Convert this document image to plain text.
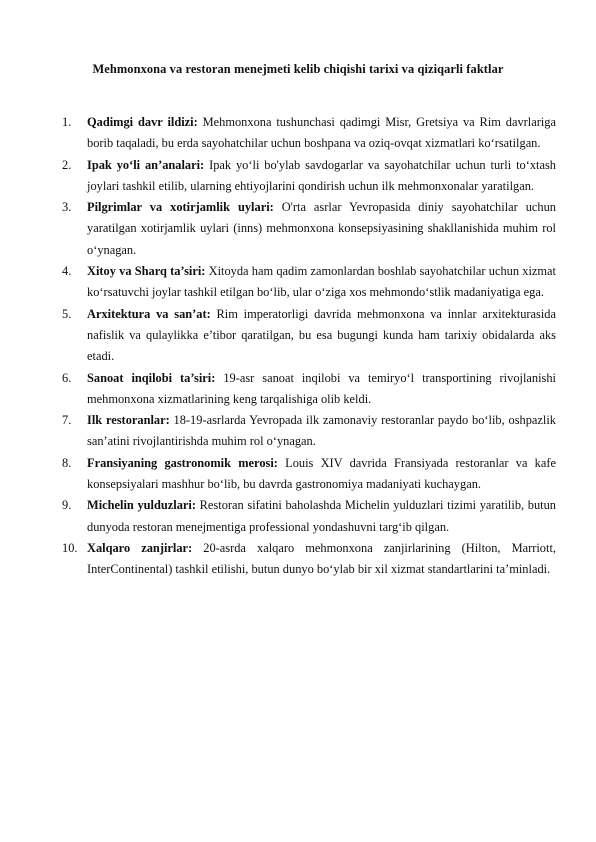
Mehmonxona va restoran menejmeti kelib chiqishi tarixi va qiziqarli faktlar
1. Qadimgi davr ildizi: Mehmonxona tushunchasi qadimgi Misr, Gretsiya va Rim davrlariga borib taqaladi, bu erda sayohatchilar uchun boshpana va oziq-ovqat xizmatlari ko‘rsatilgan.
2. Ipak yo‘li an’analari: Ipak yo‘li bo'ylab savdogarlar va sayohatchilar uchun turli to‘xtash joylari tashkil etilib, ularning ehtiyojlarini qondirish uchun ilk mehmonxonalar yaratilgan.
3. Pilgrimlar va xotirjamlik uylari: O'rta asrlar Yevropasida diniy sayohatchilar uchun yaratilgan xotirjamlik uylari (inns) mehmonxona konsepsiyasining shakllanishida muhim rol o‘ynagan.
4. Xitoy va Sharq ta’siri: Xitoyda ham qadim zamonlardan boshlab sayohatchilar uchun xizmat ko‘rsatuvchi joylar tashkil etilgan bo‘lib, ular o‘ziga xos mehmondo‘stlik madaniyatiga ega.
5. Arxitektura va san’at: Rim imperatorligi davrida mehmonxona va innlar arxitekturasida nafislik va qulaylikka e’tibor qaratilgan, bu esa bugungi kunda ham tarixiy obidalarda aks etadi.
6. Sanoat inqilobi ta’siri: 19-asr sanoat inqilobi va temiryo‘l transportining rivojlanishi mehmonxona xizmatlarining keng tarqalishiga olib keldi.
7. Ilk restoranlar: 18-19-asrlarda Yevropada ilk zamonaviy restoranlar paydo bo‘lib, oshpazlik san’atini rivojlantirishda muhim rol o‘ynagan.
8. Fransiyaning gastronomik merosi: Louis XIV davrida Fransiyada restoranlar va kafe konsepsiyalari mashhur bo‘lib, bu davrda gastronomiya madaniyati kuchaygan.
9. Michelin yulduzlari: Restoran sifatini baholashda Michelin yulduzlari tizimi yaratilib, butun dunyoda restoran menejmentiga professional yondashuvni targ‘ib qilgan.
10. Xalqaro zanjirlar: 20-asrda xalqaro mehmonxona zanjirlarining (Hilton, Marriott, InterContinental) tashkil etilishi, butun dunyo bo‘ylab bir xil xizmat standartlarini ta’minladi.
